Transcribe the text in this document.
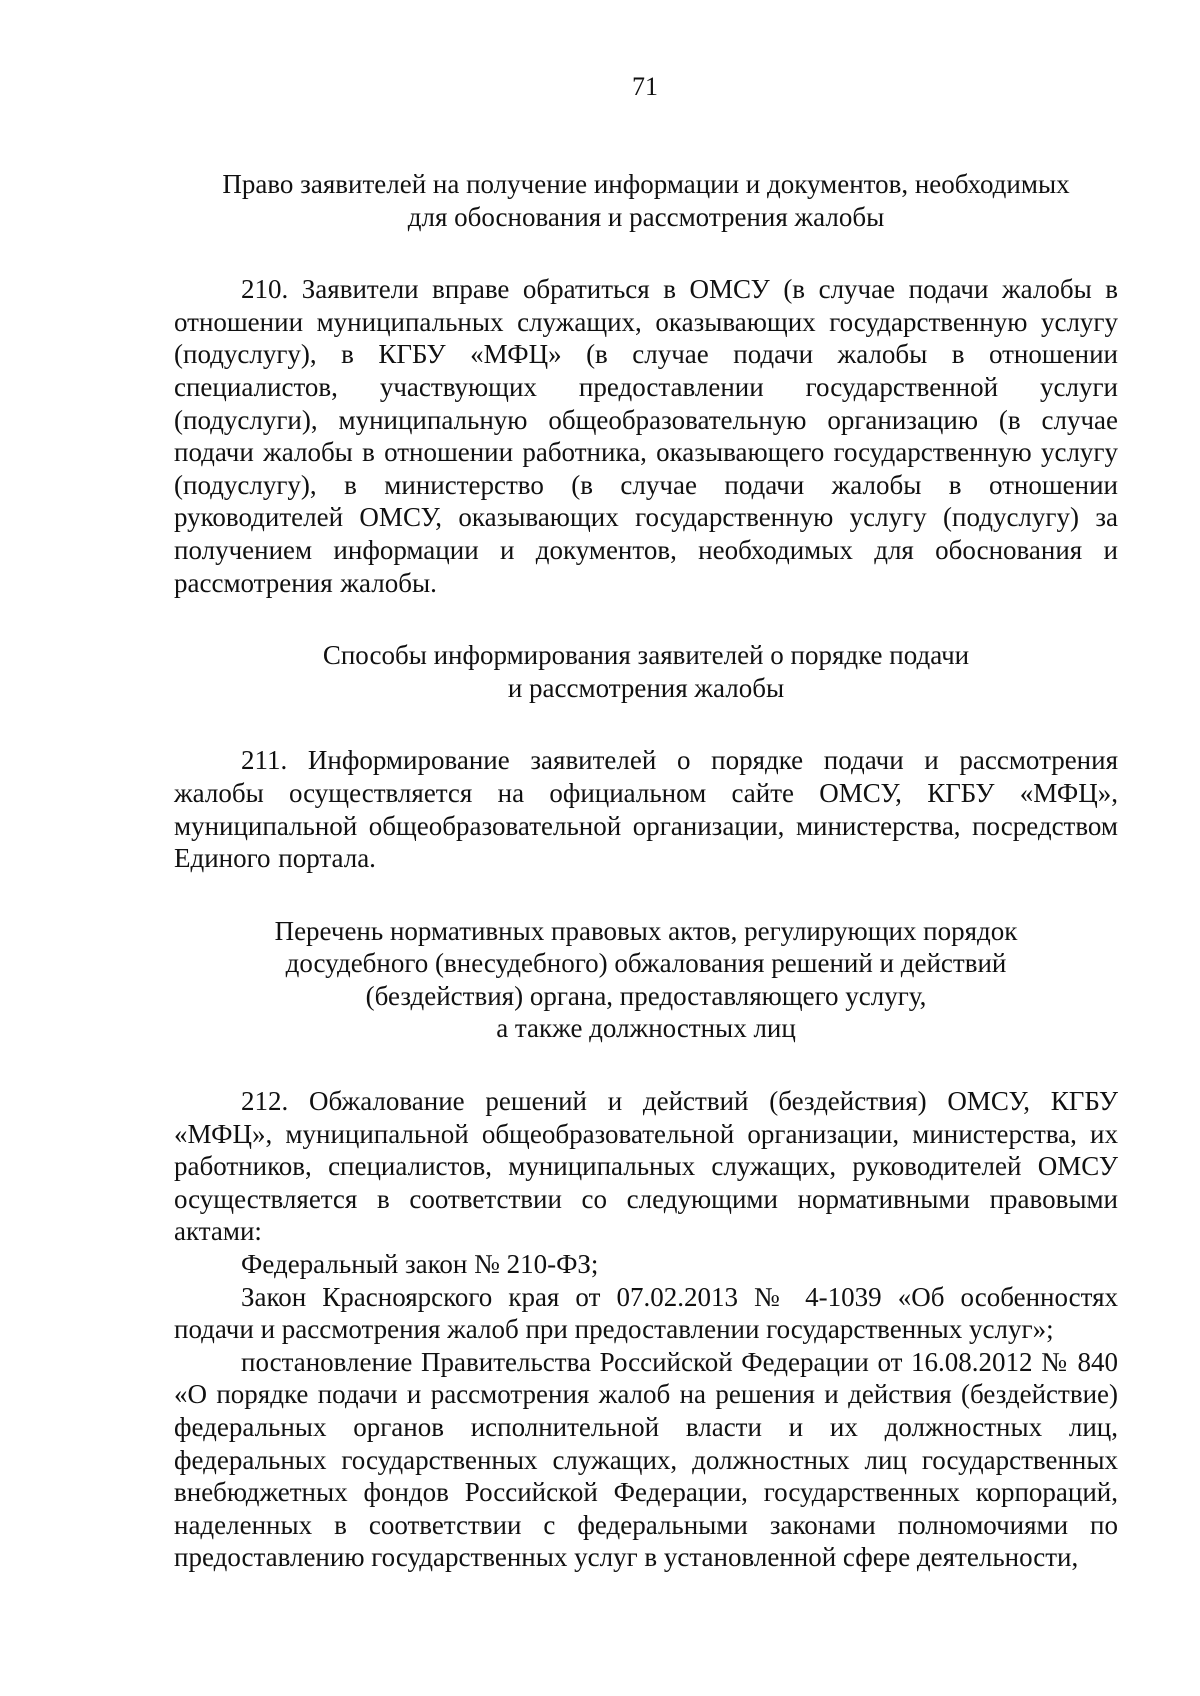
71
Право заявителей на получение информации и документов, необходимых
для обоснования и рассмотрения жалобы

210. Заявители вправе обратиться в ОМСУ (в случае подачи жалобы в отношении муниципальных служащих, оказывающих государственную услугу (подуслугу), в КГБУ «МФЦ» (в случае подачи жалобы в отношении специалистов, участвующих предоставлении государственной услуги (подуслуги), муниципальную общеобразовательную организацию (в случае подачи жалобы в отношении работника, оказывающего государственную услугу (подуслугу), в министерство (в случае подачи жалобы в отношении руководителей ОМСУ, оказывающих государственную услугу (подуслугу) за получением информации и документов, необходимых для обоснования и рассмотрения жалобы.

Способы информирования заявителей о порядке подачи
и рассмотрения жалобы

211. Информирование заявителей о порядке подачи и рассмотрения жалобы осуществляется на официальном сайте ОМСУ, КГБУ «МФЦ», муниципальной общеобразовательной организации, министерства, посредством Единого портала.

Перечень нормативных правовых актов, регулирующих порядок
досудебного (внесудебного) обжалования решений и действий
(бездействия) органа, предоставляющего услугу,
а также должностных лиц

212. Обжалование решений и действий (бездействия) ОМСУ, КГБУ «МФЦ», муниципальной общеобразовательной организации, министерства, их работников, специалистов, муниципальных служащих, руководителей ОМСУ осуществляется в соответствии со следующими нормативными правовыми актами:

Федеральный закон № 210-ФЗ;

Закон Красноярского края от 07.02.2013 № 4-1039 «Об особенностях подачи и рассмотрения жалоб при предоставлении государственных услуг»;

постановление Правительства Российской Федерации от 16.08.2012 № 840 «О порядке подачи и рассмотрения жалоб на решения и действия (бездействие) федеральных органов исполнительной власти и их должностных лиц, федеральных государственных служащих, должностных лиц государственных внебюджетных фондов Российской Федерации, государственных корпораций, наделенных в соответствии с федеральными законами полномочиями по предоставлению государственных услуг в установленной сфере деятельности,
